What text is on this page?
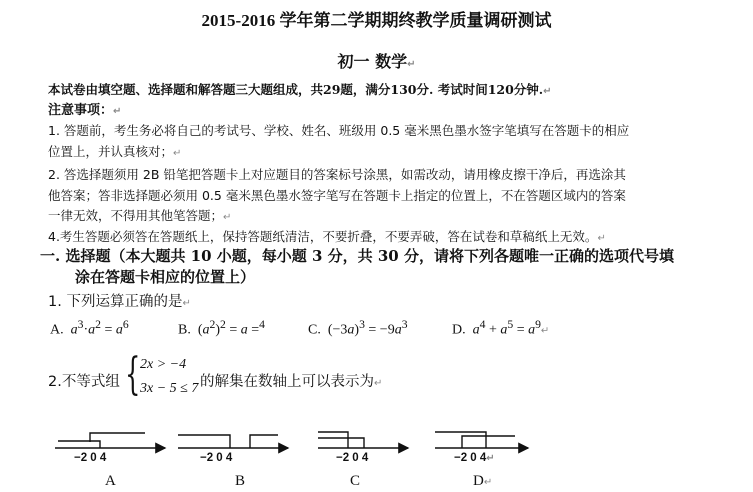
2015-2016 学年第二学期期终教学质量调研测试
初一 数学↵
本试卷由填空题、选择题和解答题三大题组成，共29题，满分130分. 考试时间120分钟.↵
注意事项：↵
1. 答题前，考生务必将自己的考试号、学校、姓名、班级用 0.5 毫米黑色墨水签字笔填写在答题卡的相应
位置上，并认真核对；↵
2. 答选择题须用 2B 铅笔把答题卡上对应题目的答案标号涂黑，如需改动，请用橡皮擦干净后，再选涂其
他答案；答非选择题必须用 0.5 毫米黑色墨水签字笔写在答题卡上指定的位置上，不在答题区域内的答案
一律无效，不得用其他笔答题；↵
4.考生答题必须答在答题纸上，保持答题纸清洁，不要折叠，不要弄破，答在试卷和草稿纸上无效。↵
一. 选择题（本大题共 10 小题，每小题 3 分，共 30 分，请将下列各题唯一正确的选项代号填
涂在答题卡相应的位置上）
1. 下列运算正确的是↵
A. $a^3\cdot a^2 = a^6$	B.  $(a^2)^2 = a =^4$	C.  $(-3a)^3 = -9a^3$	D. $a^4 + a^5$ = $a^9↵$
2.不等式组 { 2x > −4
3x − 5 ≤ 7 的解集在数轴上可以表示为↵
−2 0 4	−2 0 4	−2 0 4	−2 0 4↵
A	B	C	D↵
